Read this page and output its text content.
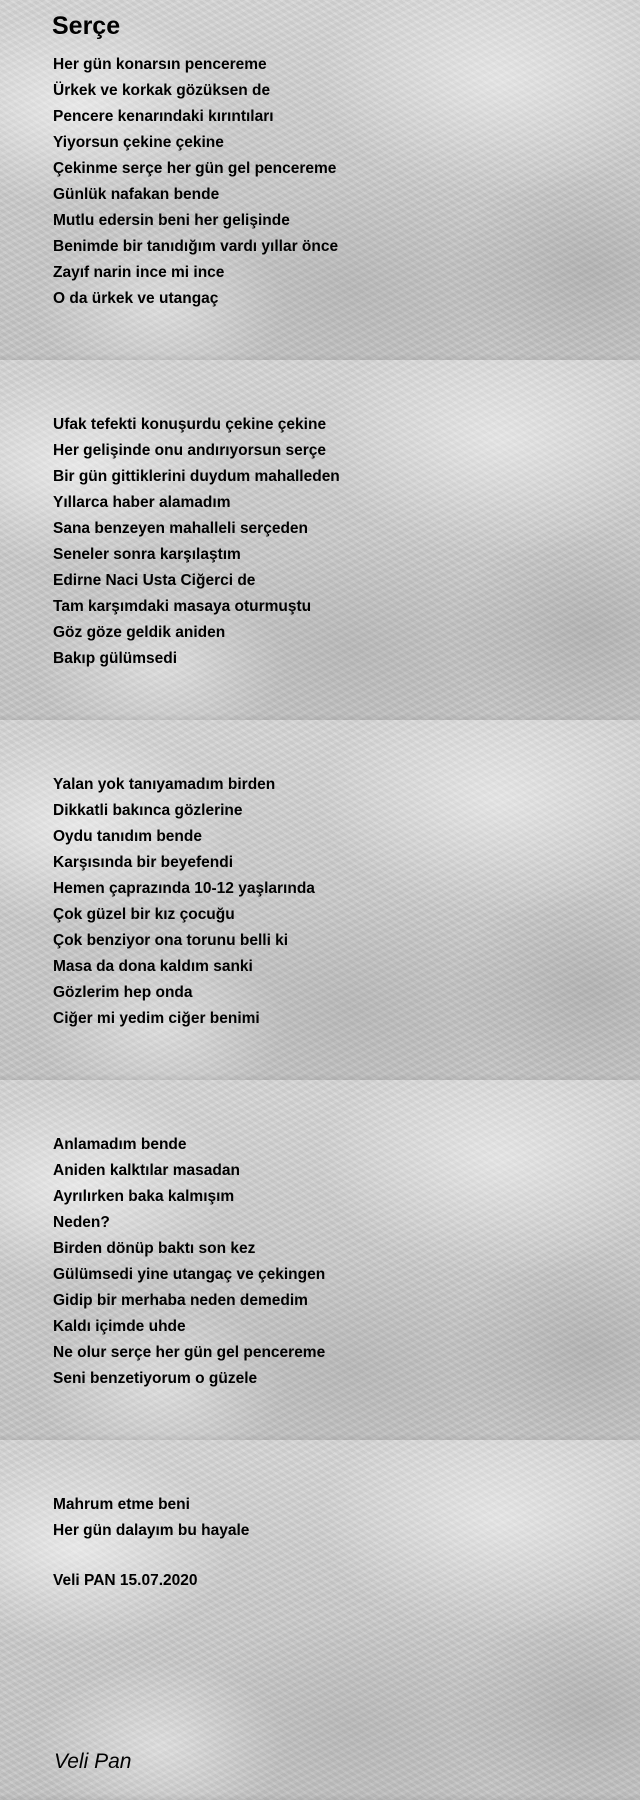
Serçe
Her gün konarsın pencereme
Ürkek ve korkak gözüksen de
Pencere kenarındaki kırıntıları
Yiyorsun çekine çekine
Çekinme serçe her gün gel pencereme
Günlük nafakan bende
Mutlu edersin beni her gelişinde
Benimde bir tanıdığım vardı yıllar önce
Zayıf narin ince mi ince
O da ürkek ve utangaç
Ufak tefekti konuşurdu çekine çekine
Her gelişinde onu andırıyorsun serçe
Bir gün gittiklerini duydum mahalleden
Yıllarca haber alamadım
Sana benzeyen mahalleli serçeden
Seneler sonra karşılaştım
Edirne Naci Usta Ciğerci de
Tam karşımdaki masaya oturmuştu
Göz göze geldik aniden
Bakıp gülümsedi
Yalan yok tanıyamadım birden
Dikkatli bakınca gözlerine
Oydu tanıdım bende
Karşısında bir beyefendi
Hemen çaprazında 10-12 yaşlarında
Çok güzel bir kız çocuğu
Çok benziyor ona torunu belli ki
Masa da dona kaldım sanki
Gözlerim hep onda
Ciğer mi yedim ciğer benimi
Anlamadım bende
Aniden kalktılar masadan
Ayrılırken baka kalmışım
Neden?
Birden dönüp baktı son kez
Gülümsedi yine utangaç ve çekingen
Gidip bir merhaba neden demedim
Kaldı içimde uhde
Ne olur serçe her gün gel pencereme
Seni benzetiyorum o güzele
Mahrum etme beni
Her gün dalayım bu hayale
Veli PAN 15.07.2020
Veli Pan
